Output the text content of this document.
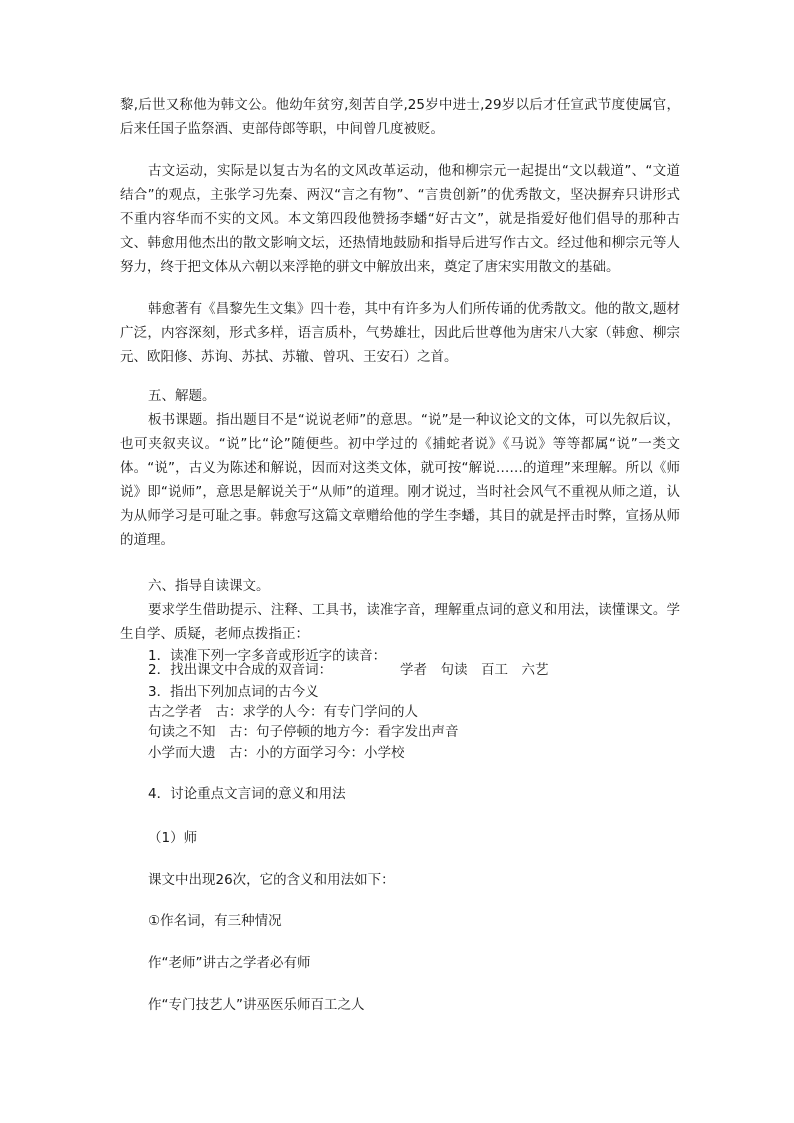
黎,后世又称他为韩文公。他幼年贫穷,刻苦自学,25岁中进士,29岁以后才任宣武节度使属官，后来任国子监祭酒、吏部侍郎等职，中间曾几度被贬。
古文运动，实际是以复古为名的文风改革运动，他和柳宗元一起提出“文以载道”、“文道结合”的观点，主张学习先秦、两汉“言之有物”、“言贵创新”的优秀散文，坚决摒弃只讲形式不重内容华而不实的文风。本文第四段他赞扬李蟠“好古文”，就是指爱好他们倡导的那种古文、韩愈用他杰出的散文影响文坛，还热情地鼓励和指导后进写作古文。经过他和柳宗元等人努力，终于把文体从六朝以来浮艳的骈文中解放出来，奠定了唐宋实用散文的基础。
韩愈著有《昌黎先生文集》四十卷，其中有许多为人们所传诵的优秀散文。他的散文,题材广泛，内容深刻，形式多样，语言质朴，气势雄壮，因此后世尊他为唐宋八大家（韩愈、柳宗元、欧阳修、苏询、苏拭、苏辙、曾巩、王安石）之首。
五、解题。
板书课题。指出题目不是“说说老师”的意思。“说”是一种议论文的文体，可以先叙后议，也可夹叙夹议。“说”比“论”随便些。初中学过的《捕蛇者说》《马说》等等都属“说”一类文体。“说”，古义为陈述和解说，因而对这类文体，就可按“解说……的道理”来理解。所以《师说》即“说师”，意思是解说关于“从师”的道理。刚才说过，当时社会风气不重视从师之道，认为从师学习是可耻之事。韩愈写这篇文章赠给他的学生李蟠，其目的就是抨击时弊，宣扬从师的道理。
六、指导自读课文。
要求学生借助提示、注释、工具书，读准字音，理解重点词的意义和用法，读懂课文。学生自学、质疑，老师点拨指正：
1．读准下列一字多音或形近字的读音：
2．找出课文中合成的双音词：	学者　句读　百工　六艺
3．指出下列加点词的古今义
古之学者　古：求学的人今：有专门学问的人
句读之不知　古：句子停顿的地方今：看字发出声音
小学而大遗　古：小的方面学习今：小学校
4．讨论重点文言词的意义和用法
（1）师
课文中出现26次，它的含义和用法如下：
①作名词，有三种情况
作“老师”讲古之学者必有师
作“专门技艺人”讲巫医乐师百工之人
